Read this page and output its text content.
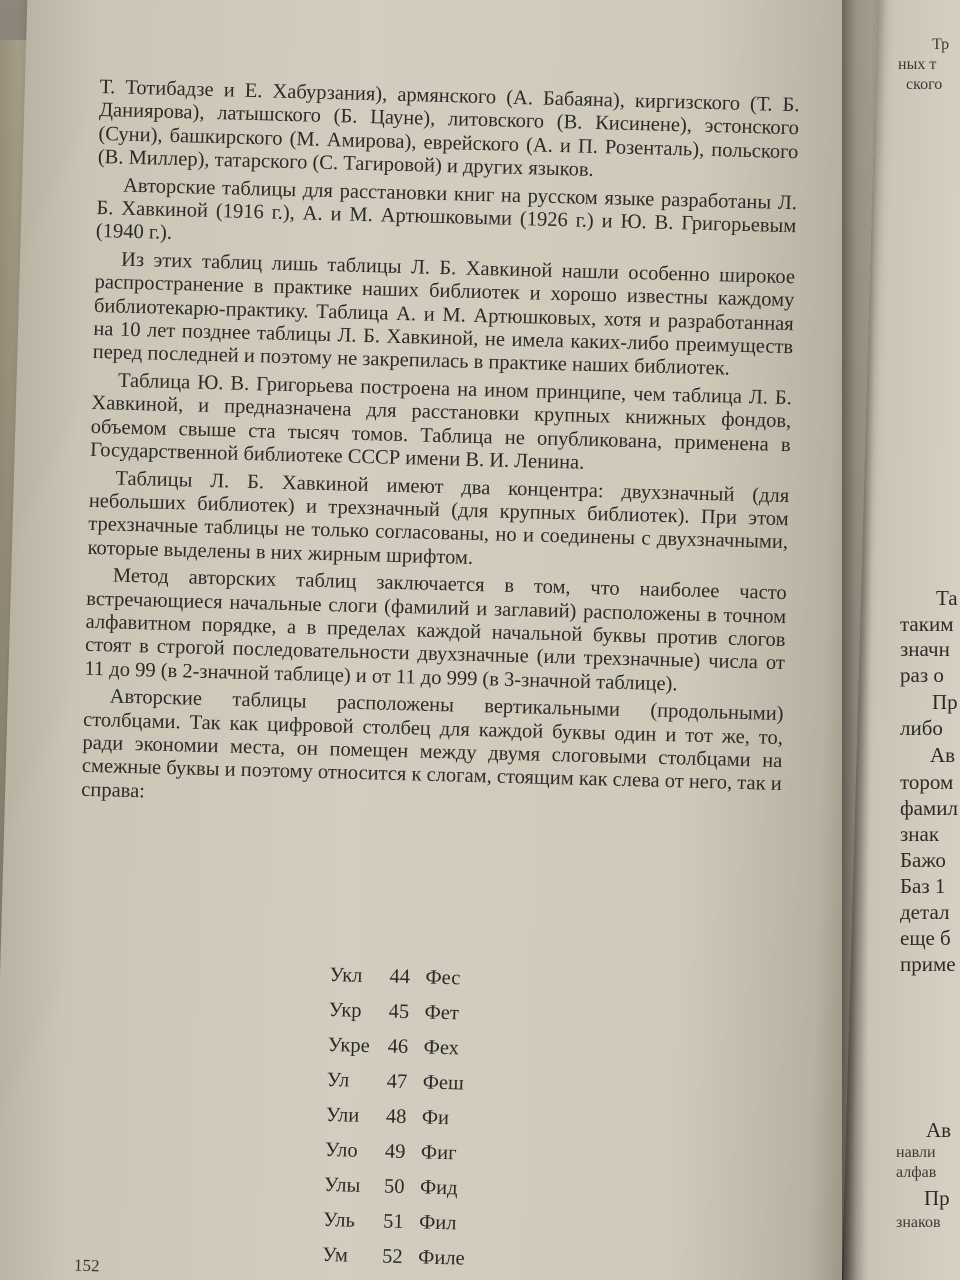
Т. Тотибадзе и Е. Хабурзания), армянского (А. Бабаяна), киргизского (Т. Б. Даниярова), латышского (Б. Цауне), литовского (В. Кисинене), эстонского (Суни), башкирского (М. Амирова), еврейского (А. и П. Розенталь), польского (В. Миллер), татарского (С. Тагировой) и других языков.

Авторские таблицы для расстановки книг на русском языке разработаны Л. Б. Хавкиной (1916 г.), А. и М. Артюшковыми (1926 г.) и Ю. В. Григорьевым (1940 г.).

Из этих таблиц лишь таблицы Л. Б. Хавкиной нашли особенно широкое распространение в практике наших библиотек и хорошо известны каждому библиотекарю-практику. Таблица А. и М. Артюшковых, хотя и разработанная на 10 лет позднее таблицы Л. Б. Хавкиной, не имела каких-либо преимуществ перед последней и поэтому не закрепилась в практике наших библиотек.

Таблица Ю. В. Григорьева построена на ином принципе, чем таблица Л. Б. Хавкиной, и предназначена для расстановки крупных книжных фондов, объемом свыше ста тысяч томов. Таблица не опубликована, применена в Государственной библиотеке СССР имени В. И. Ленина.

Таблицы Л. Б. Хавкиной имеют два концентра: двухзначный (для небольших библиотек) и трехзначный (для крупных библиотек). При этом трехзначные таблицы не только согласованы, но и соединены с двухзначными, которые выделены в них жирным шрифтом.

Метод авторских таблиц заключается в том, что наиболее часто встречающиеся начальные слоги (фамилий и заглавий) расположены в точном алфавитном порядке, а в пределах каждой начальной буквы против слогов стоят в строгой последовательности двухзначные (или трехзначные) числа от 11 до 99 (в 2-значной таблице) и от 11 до 999 (в 3-значной таблице).

Авторские таблицы расположены вертикальными (продольными) столбцами. Так как цифровой столбец для каждой буквы один и тот же, то, ради экономии места, он помещен между двумя слоговыми столбцами на смежные буквы и поэтому относится к слогам, стоящим как слева от него, так и справа:

Укл	44 Фес
Укр	45 Фет
Укре 46 Фех
Ул	47 Феш
Ули	48 Фи
Уло	49 Фиг
Улы	50 Фид
Уль	51 Фил
Ум	52 Филе
152
Тр
ных т
ского
Та
таким
значн
раз о
Пр
либо
Ав
тором
фамил
знак
Бажо
Баз 1
детал
еще б
приме
Ав
навли
алфав
Пр
знаков
